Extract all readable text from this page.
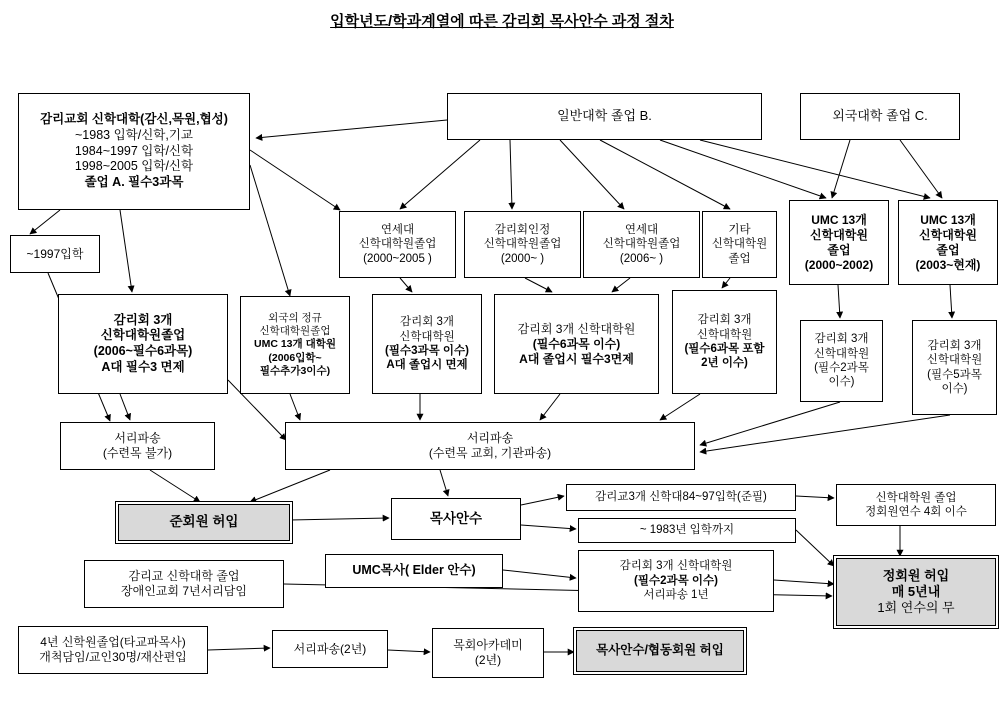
입학년도/학과계열에 따른 감리회 목사안수 과정 절차
감리교회 신학대학(감신,목원,협성)
~1983 입학/신학,기교
1984~1997 입학/신학
1998~2005 입학/신학
졸업 A. 필수3과목
일반대학 졸업 B.	외국대학 졸업 C.
~1997입학
연세대
신학대학원졸업
(2000~2005 )
감리회인정
신학대학원졸업
(2000~ )
연세대
신학대학원졸업
(2006~ )
기타
신학대학원
졸업
UMC 13개
신학대학원
졸업
(2000~2002)
UMC 13개
신학대학원
졸업
(2003~현재)
감리회 3개
신학대학원졸업
(2006~필수6과목)
A대 필수3 면제
외국의 정규
신학대학원졸업
UMC 13개 대학원
(2006입학~
필수추가3이수)
감리회 3개
신학대학원
(필수3과목 이수)
A대 졸업시 면제
감리회 3개 신학대학원
(필수6과목 이수)
A대 졸업시 필수3면제
감리회 3개
신학대학원
(필수6과목 포함
2년 이수)
감리회 3개
신학대학원
(필수2과목
이수)
감리회 3개
신학대학원
(필수5과목
이수)
서리파송
(수련목 불가)
서리파송
(수련목 교회, 기관파송)
준회원 허입	목사안수
감리교3개 신학대84~97입학(준필)
~ 1983년 입학까지
신학대학원 졸업
정회원연수 4회 이수
UMC목사( Elder 안수)	감리회 3개 신학대학원
(필수2과목 이수)
서리파송 1년
정회원 허입
매 5년내
1회 연수의 무
감리교 신학대학 졸업
장애인교회 7년서리담임
4년 신학원졸업(타교파목사)
개척담임/교인30명/재산편입
서리파송(2년)	목회아카데미
(2년)
목사안수/협동회원 허입
